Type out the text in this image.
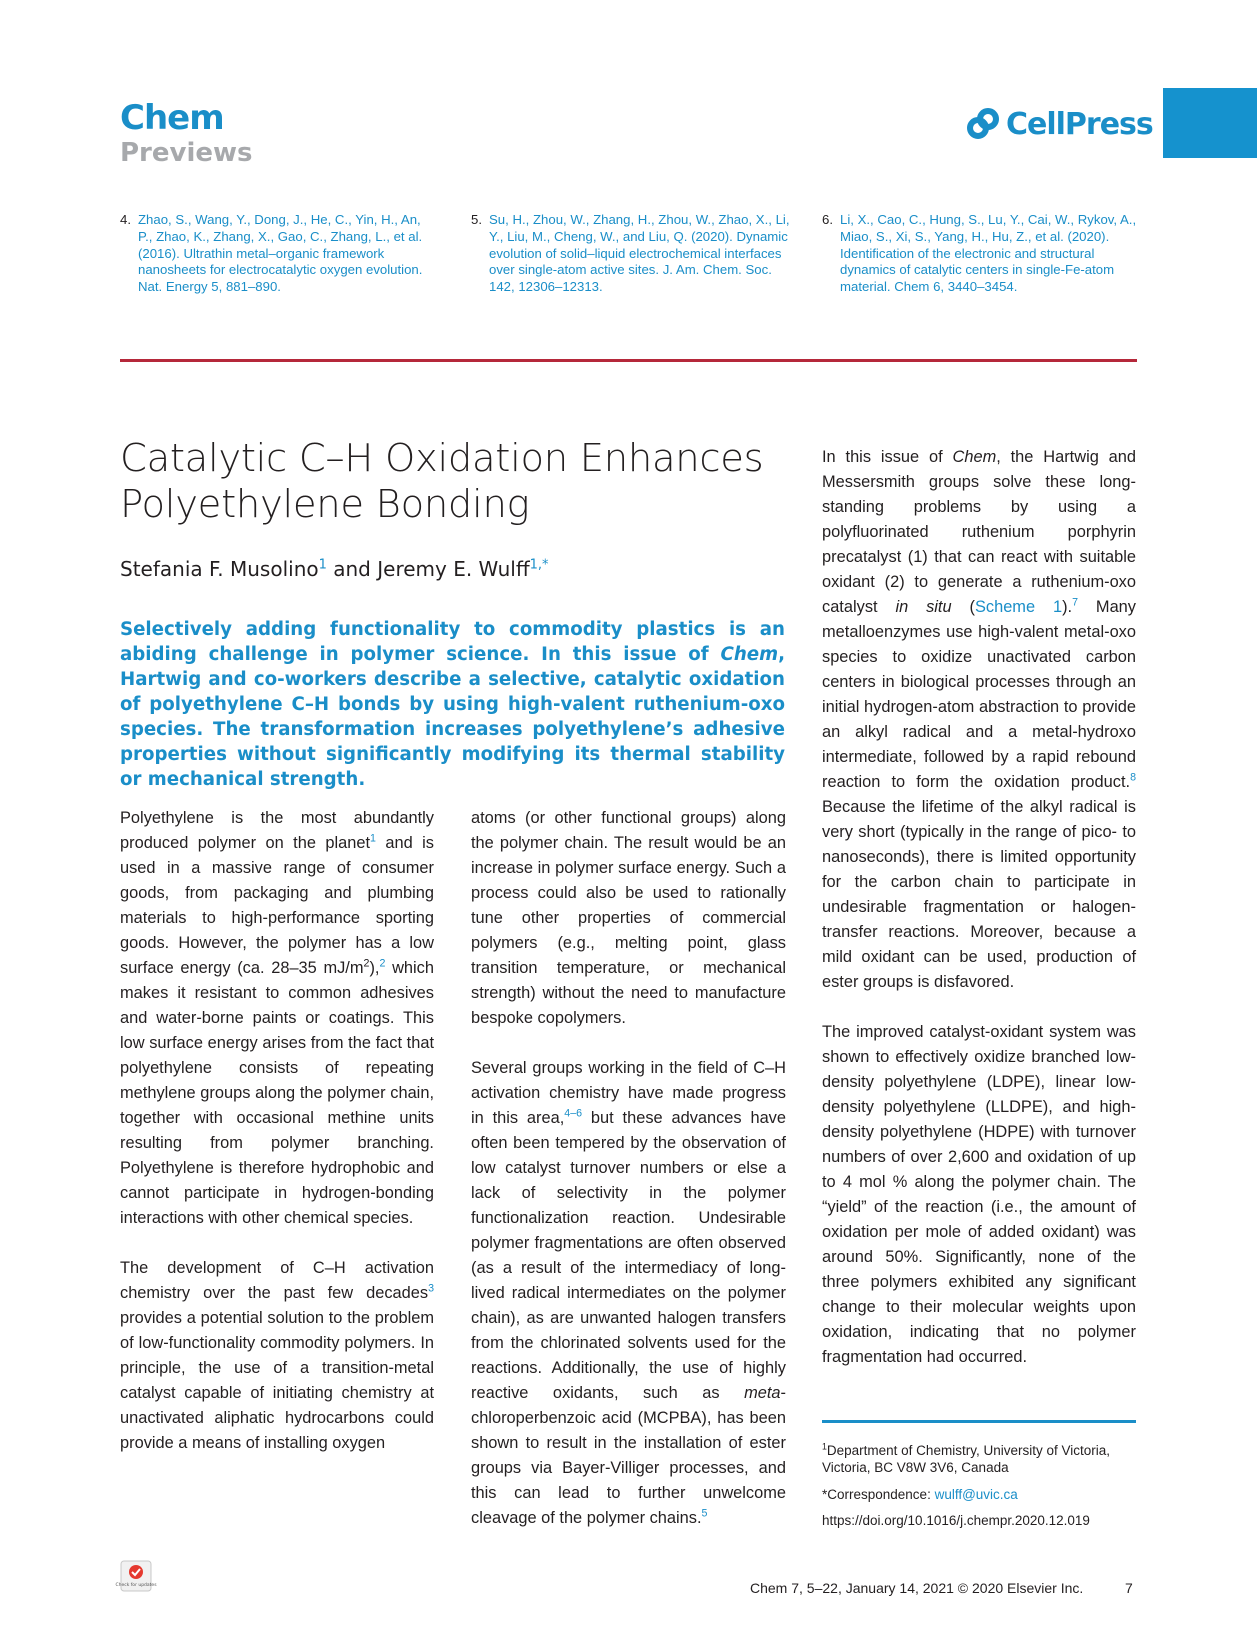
Chem
Previews
CellPress
4. Zhao, S., Wang, Y., Dong, J., He, C., Yin, H., An, P., Zhao, K., Zhang, X., Gao, C., Zhang, L., et al. (2016). Ultrathin metal–organic framework nanosheets for electrocatalytic oxygen evolution. Nat. Energy 5, 881–890.
5. Su, H., Zhou, W., Zhang, H., Zhou, W., Zhao, X., Li, Y., Liu, M., Cheng, W., and Liu, Q. (2020). Dynamic evolution of solid–liquid electrochemical interfaces over single-atom active sites. J. Am. Chem. Soc. 142, 12306–12313.
6. Li, X., Cao, C., Hung, S., Lu, Y., Cai, W., Rykov, A., Miao, S., Xi, S., Yang, H., Hu, Z., et al. (2020). Identification of the electronic and structural dynamics of catalytic centers in single-Fe-atom material. Chem 6, 3440–3454.
Catalytic C–H Oxidation Enhances Polyethylene Bonding
Stefania F. Musolino$^1$ and Jeremy E. Wulff$^{1,*}$
Selectively adding functionality to commodity plastics is an abiding challenge in polymer science. In this issue of Chem, Hartwig and co-workers describe a selective, catalytic oxidation of polyethylene C–H bonds by using high-valent ruthenium-oxo species. The transformation increases polyethylene’s adhesive properties without significantly modifying its thermal stability or mechanical strength.

Polyethylene is the most abundantly produced polymer on the planet$^1$ and is used in a massive range of consumer goods, from packaging and plumbing materials to high-performance sporting goods. However, the polymer has a low surface energy (ca. 28–35 $mJ/m^2),^2$ which makes it resistant to common adhesives and water-borne paints or coatings. This low surface energy arises from the fact that polyethylene consists of repeating methylene groups along the polymer chain, together with occasional methine units resulting from polymer branching. Polyethylene is therefore hydrophobic and cannot participate in hydrogen-bonding interactions with other chemical species.

The development of C–H activation chemistry over the past few decades$^3$ provides a potential solution to the problem of low-functionality commodity polymers. In principle, the use of a transition-metal catalyst capable of initiating chemistry at unactivated aliphatic hydrocarbons could provide a means of installing oxygen

atoms (or other functional groups) along the polymer chain. The result would be an increase in polymer surface energy. Such a process could also be used to rationally tune other properties of commercial polymers (e.g., melting point, glass transition temperature, or mechanical strength) without the need to manufacture bespoke copolymers.

Several groups working in the field of C–H activation chemistry have made progress in this area,$^{4-6}$ but these advances have often been tempered by the observation of low catalyst turnover numbers or else a lack of selectivity in the polymer functionalization reaction. Undesirable polymer fragmentations are often observed (as a result of the intermediacy of long-lived radical intermediates on the polymer chain), as are unwanted halogen transfers from the chlorinated solvents used for the reactions. Additionally, the use of highly reactive oxidants, such as meta-chloroperbenzoic acid (MCPBA), has been shown to result in the installation of ester groups via Bayer-Villiger processes, and this can lead to further unwelcome cleavage of the polymer chains.$^5$

In this issue of Chem, the Hartwig and Messersmith groups solve these long-standing problems by using a polyfluorinated ruthenium porphyrin precatalyst (1) that can react with suitable oxidant (2) to generate a ruthenium-oxo catalyst in situ (Scheme 1).$^7$ Many metalloenzymes use high-valent metal-oxo species to oxidize unactivated carbon centers in biological processes through an initial hydrogen-atom abstraction to provide an alkyl radical and a metal-hydroxo intermediate, followed by a rapid rebound reaction to form the oxidation product.$^8$ Because the lifetime of the alkyl radical is very short (typically in the range of pico- to nanoseconds), there is limited opportunity for the carbon chain to participate in undesirable fragmentation or halogen-transfer reactions. Moreover, because a mild oxidant can be used, production of ester groups is disfavored.

The improved catalyst-oxidant system was shown to effectively oxidize branched low-density polyethylene (LDPE), linear low-density polyethylene (LLDPE), and high-density polyethylene (HDPE) with turnover numbers of over 2,600 and oxidation of up to 4 mol % along the polymer chain. The “yield” of the reaction (i.e., the amount of oxidation per mole of added oxidant) was around 50%. Significantly, none of the three polymers exhibited any significant change to their molecular weights upon oxidation, indicating that no polymer fragmentation had occurred.

$^1$Department of Chemistry, University of Victoria, Victoria, BC V8W 3V6, Canada
*Correspondence: wulff@uvic.ca
https://doi.org/10.1016/j.chempr.2020.12.019
Check for updates	Chem 7, 5–22, January 14, 2021 © 2020 Elsevier Inc.	7
